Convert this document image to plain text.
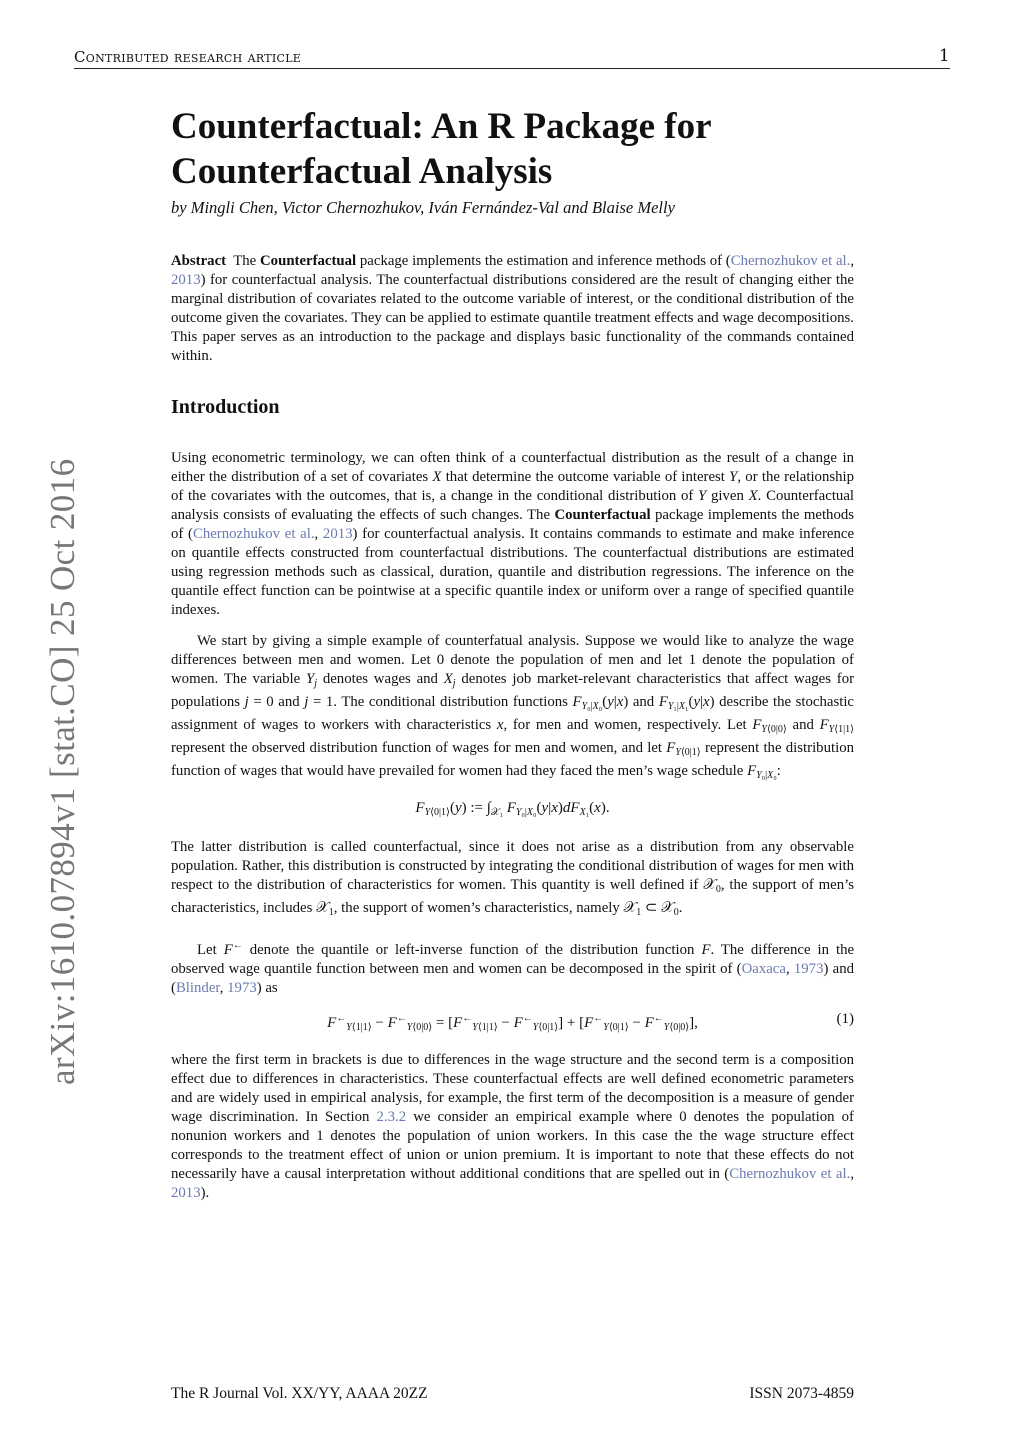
Contributed research article	1
arXiv:1610.07894v1 [stat.CO] 25 Oct 2016
Counterfactual: An R Package for
Counterfactual Analysis
by Mingli Chen, Victor Chernozhukov, Iván Fernández-Val and Blaise Melly

Abstract The Counterfactual package implements the estimation and inference methods of (Chernozhukov et al., 2013) for counterfactual analysis. The counterfactual distributions considered are the result of changing either the marginal distribution of covariates related to the outcome variable of interest, or the conditional distribution of the outcome given the covariates. They can be applied to estimate quantile treatment effects and wage decompositions. This paper serves as an introduction to the package and displays basic functionality of the commands contained within.

Introduction

Using econometric terminology, we can often think of a counterfactual distribution as the result of a change in either the distribution of a set of covariates X that determine the outcome variable of interest Y, or the relationship of the covariates with the outcomes, that is, a change in the conditional distribution of Y given X. Counterfactual analysis consists of evaluating the effects of such changes. The Counterfactual package implements the methods of (Chernozhukov et al., 2013) for counterfactual analysis. It contains commands to estimate and make inference on quantile effects constructed from counterfactual distributions. The counterfactual distributions are estimated using regression methods such as classical, duration, quantile and distribution regressions. The inference on the quantile effect function can be pointwise at a specific quantile index or uniform over a range of specified quantile indexes.

We start by giving a simple example of counterfatual analysis. Suppose we would like to analyze the wage differences between men and women. Let 0 denote the population of men and let 1 denote the population of women. The variable $Y_j$ denotes wages and $X_j$ denotes job market-relevant characteristics that affect wages for populations j = 0 and j = 1. The conditional distribution functions $F_{Y_0|X_0}(y|x)$ and $F_{Y_1|X_1}(y|x)$ describe the stochastic assignment of wages to workers with characteristics x, for men and women, respectively. Let $F_{Y⟨0|0⟩}$ and $F_{Y⟨1|1⟩}$ represent the observed distribution function of wages for men and women, and let $F_{Y⟨0|1⟩}$ represent the distribution function of wages that would have prevailed for women had they faced the men’s wage schedule $F_{Y_0|X_0}$:

$F_{Y⟨0|1⟩}(y)$ := $\int_{𝒳_1}$ $F_{Y_0|X_0}(y|x)dF_{X_1}(x)$.

The latter distribution is called counterfactual, since it does not arise as a distribution from any observable population. Rather, this distribution is constructed by integrating the conditional distribution of wages for men with respect to the distribution of characteristics for women. This quantity is well defined if 𝒳$_0$, the support of men’s characteristics, includes 𝒳$_1$, the support of women’s characteristics, namely 𝒳$_1$ ⊂ 𝒳$_0$.

Let F← denote the quantile or left-inverse function of the distribution function F. The difference in the observed wage quantile function between men and women can be decomposed in the spirit of (Oaxaca, 1973) and (Blinder, 1973) as

$F^\leftarrow_{Y⟨1|1⟩} - F^\leftarrow_{Y⟨0|0⟩} = [F^\leftarrow_{Y⟨1|1⟩} - F^\leftarrow_{Y⟨0|1⟩}] + [F^\leftarrow_{Y⟨0|1⟩} - F^\leftarrow_{Y⟨0|0⟩}]$,	(1)

where the first term in brackets is due to differences in the wage structure and the second term is a composition effect due to differences in characteristics. These counterfactual effects are well defined econometric parameters and are widely used in empirical analysis, for example, the first term of the decomposition is a measure of gender wage discrimination. In Section 2.3.2 we consider an empirical example where 0 denotes the population of nonunion workers and 1 denotes the population of union workers. In this case the the wage structure effect corresponds to the treatment effect of union or union premium. It is important to note that these effects do not necessarily have a causal interpretation without additional conditions that are spelled out in (Chernozhukov et al., 2013).

The R Journal Vol. XX/YY, AAAA 20ZZ	ISSN 2073-4859
